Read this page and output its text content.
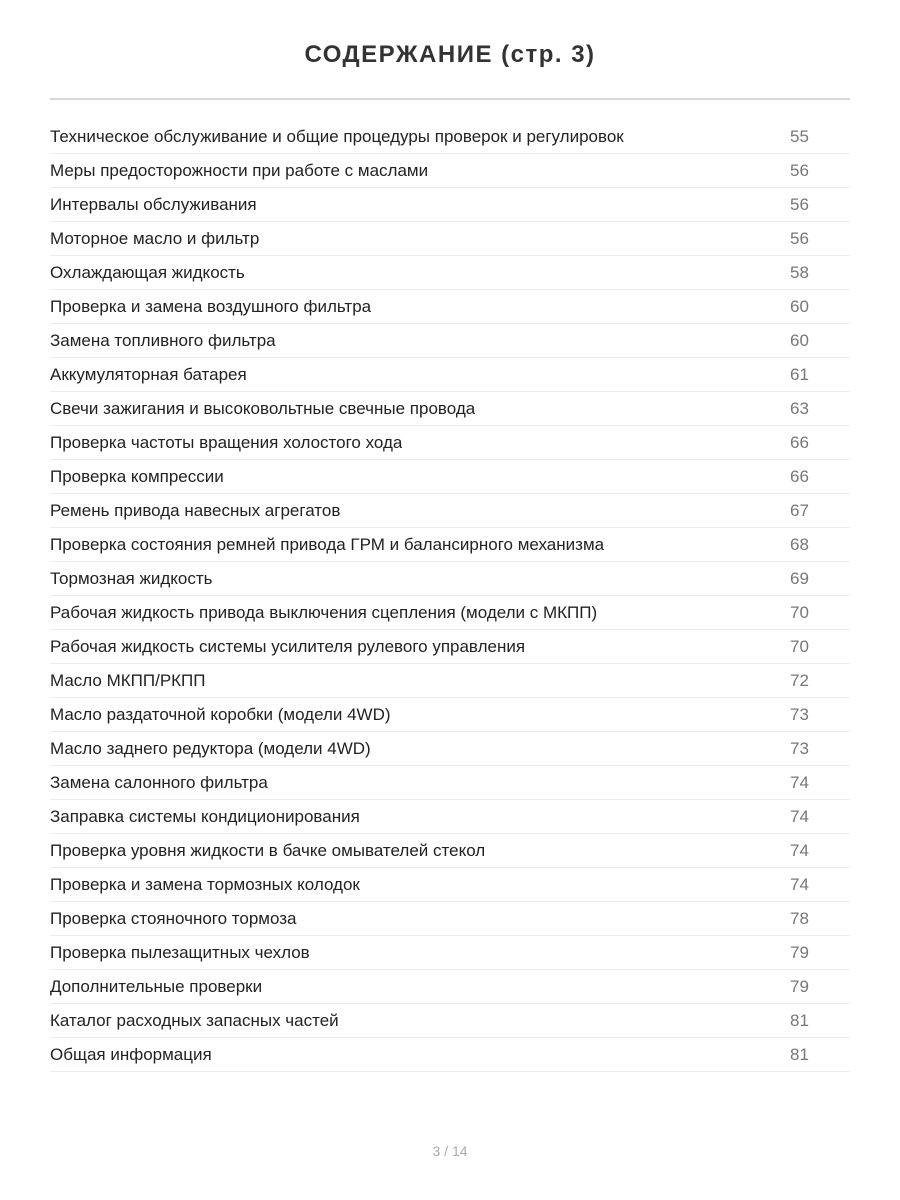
СОДЕРЖАНИЕ (стр. 3)
Техническое обслуживание и общие процедуры проверок и регулировок	55
Меры предосторожности при работе с маслами	56
Интервалы обслуживания	56
Моторное масло и фильтр	56
Охлаждающая жидкость	58
Проверка и замена воздушного фильтра	60
Замена топливного фильтра	60
Аккумуляторная батарея	61
Свечи зажигания и высоковольтные свечные провода	63
Проверка частоты вращения холостого хода	66
Проверка компрессии	66
Ремень привода навесных агрегатов	67
Проверка состояния ремней привода ГРМ и балансирного механизма	68
Тормозная жидкость	69
Рабочая жидкость привода выключения сцепления (модели с МКПП)	70
Рабочая жидкость системы усилителя рулевого управления	70
Масло МКПП/РКПП	72
Масло раздаточной коробки (модели 4WD)	73
Масло заднего редуктора (модели 4WD)	73
Замена салонного фильтра	74
Заправка системы кондиционирования	74
Проверка уровня жидкости в бачке омывателей стекол	74
Проверка и замена тормозных колодок	74
Проверка стояночного тормоза	78
Проверка пылезащитных чехлов	79
Дополнительные проверки	79
Каталог расходных запасных частей	81
Общая информация	81
3 / 14
